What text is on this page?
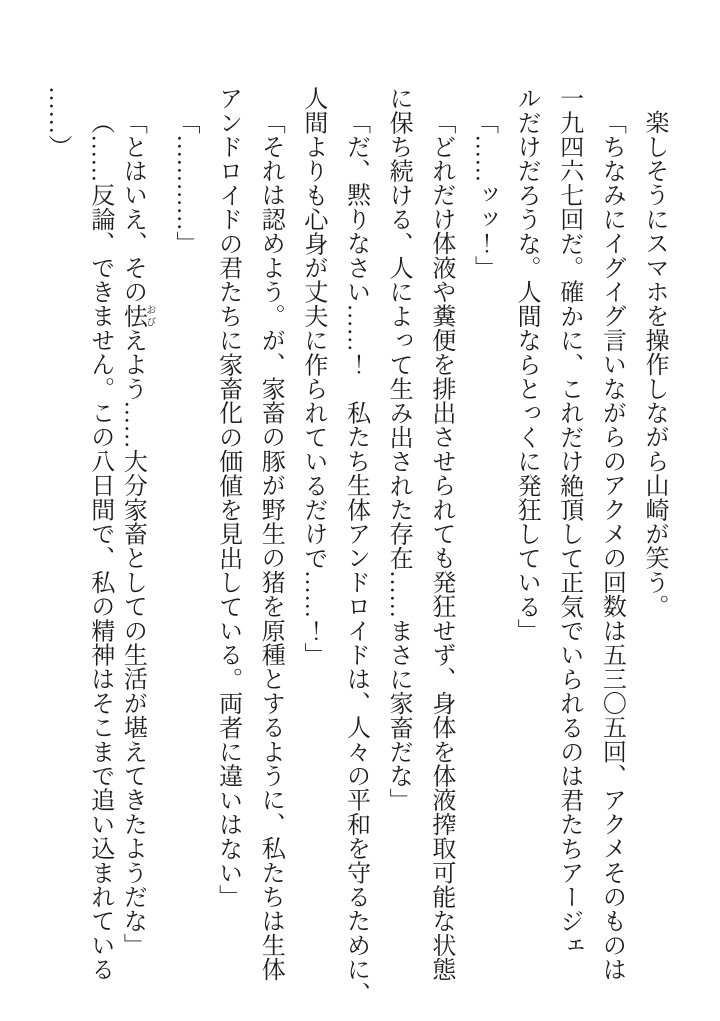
楽しそうにスマホを操作しながら山崎が笑う。
「ちなみにイグイグ言いながらのアクメの回数は五三〇五回、アクメそのものは
一九四六七回だ。確かに、これだけ絶頂して正気でいられるのは君たちアージェ
ルだけだろうな。人間ならとっくに発狂している」
「……ッッ！」
「どれだけ体液や糞便を排出させられても発狂せず、身体を体液搾取可能な状態
に保ち続ける、人によって生み出された存在……まさに家畜だな」
「だ、黙りなさい……！　私たち生体アンドロイドは、人々の平和を守るために、
人間よりも心身が丈夫に作られているだけで……！」
「それは認めよう。が、家畜の豚が野生の猪を原種とするように、私たちは生体
アンドロイドの君たちに家畜化の価値を見出している。両者に違いはない」
「…………」
「とはいえ、その怯おびえよう……大分家畜としての生活が堪えてきたようだな」
（……反論、できません。この八日間で、私の精神はそこまで追い込まれている
……）
